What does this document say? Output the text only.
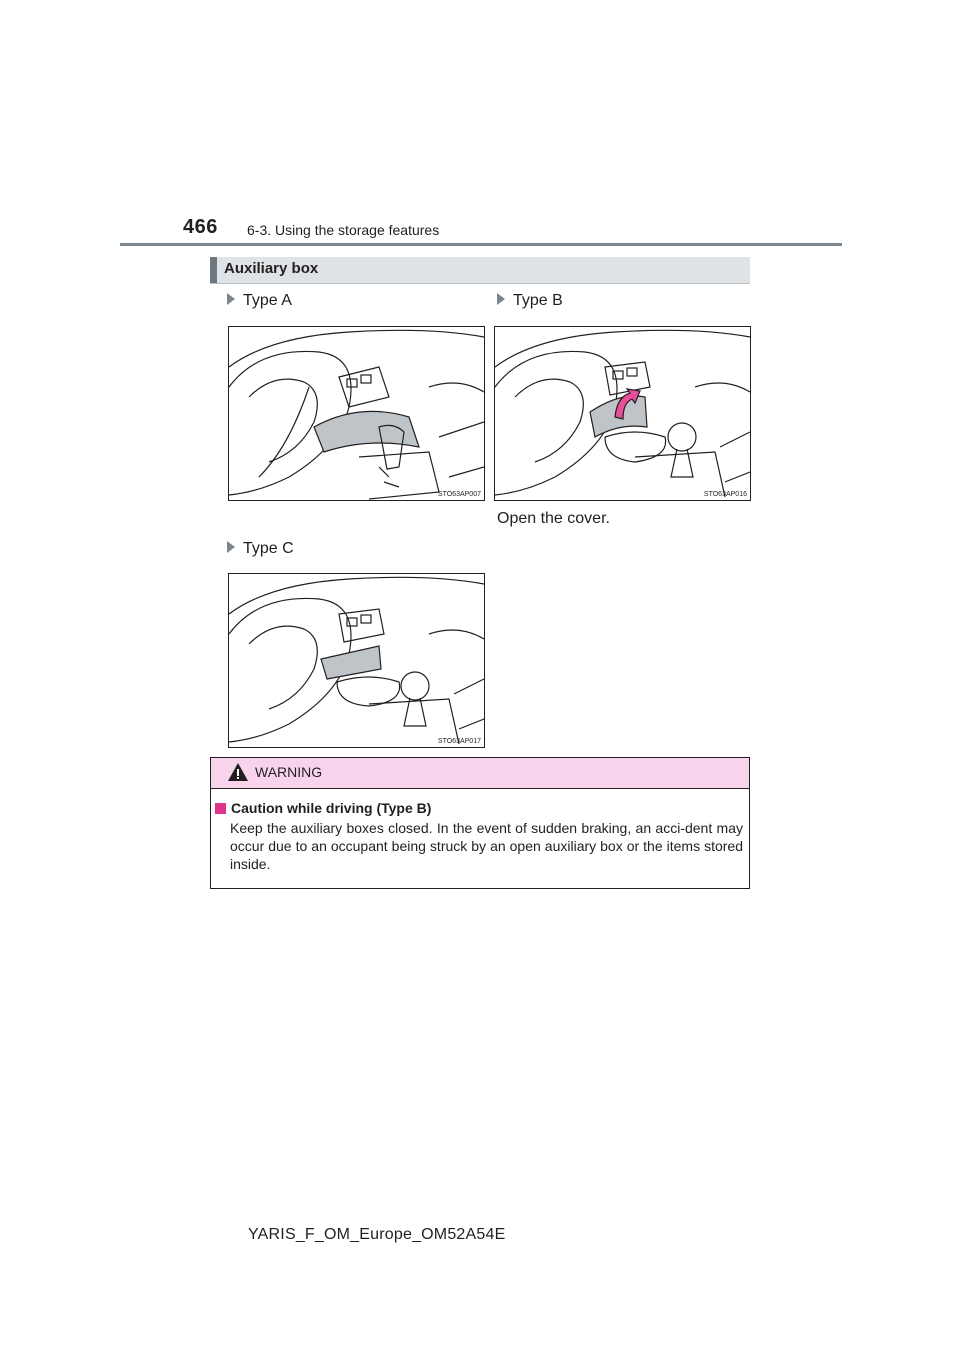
466 6-3. Using the storage features
Auxiliary box
Type A	Type B
Type C
STO63AP007	STO63AP016
Open the cover.
STO63AP017
WARNING
Caution while driving (Type B)
Keep the auxiliary boxes closed. In the event of sudden braking, an acci-dent may occur due to an occupant being struck by an open auxiliary box or the items stored inside.
YARIS_F_OM_Europe_OM52A54E
